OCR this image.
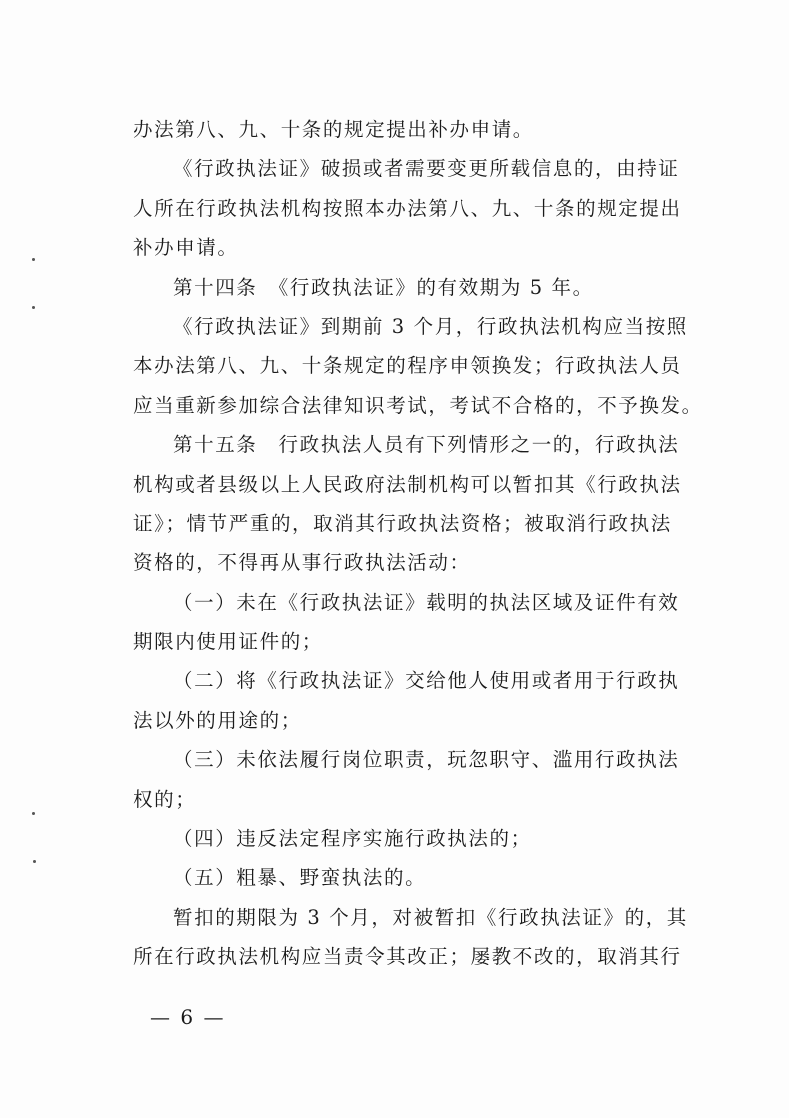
办法第八、九、十条的规定提出补办申请。
《行政执法证》破损或者需要变更所载信息的，由持证
人所在行政执法机构按照本办法第八、九、十条的规定提出
补办申请。
第十四条　《行政执法证》的有效期为 5 年。
《行政执法证》到期前 3 个月，行政执法机构应当按照
本办法第八、九、十条规定的程序申领换发；行政执法人员
应当重新参加综合法律知识考试，考试不合格的，不予换发。
第十五条　行政执法人员有下列情形之一的，行政执法
机构或者县级以上人民政府法制机构可以暂扣其《行政执法
证》；情节严重的，取消其行政执法资格；被取消行政执法
资格的，不得再从事行政执法活动：
（一）未在《行政执法证》载明的执法区域及证件有效
期限内使用证件的；
（二）将《行政执法证》交给他人使用或者用于行政执
法以外的用途的；
（三）未依法履行岗位职责，玩忽职守、滥用行政执法
权的；
（四）违反法定程序实施行政执法的；
（五）粗暴、野蛮执法的。
暂扣的期限为 3 个月，对被暂扣《行政执法证》的，其
所在行政执法机构应当责令其改正；屡教不改的，取消其行
— 6 —
